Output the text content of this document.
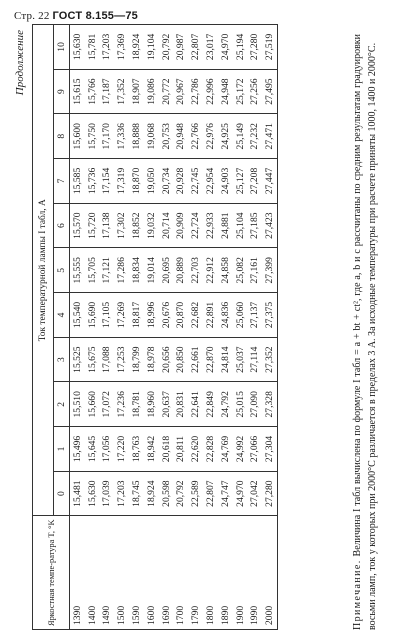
Стр. 22 ГОСТ 8.155—75
Продолжение
Яркостная темпе-ратура T, °K	Ток температурной лампы I табл, А										
	0	1	2	3	4	5	6	7	8	9	10
1390	15,481	15,496	15,510	15,525	15,540	15,555	15,570	15,585	15,600	15,615	15,630
1400	15,630	15,645	15,660	15,675	15,690	15,705	15,720	15,736	15,750	15,766	15,781
1490	17,039	17,056	17,072	17,088	17,105	17,121	17,138	17,154	17,170	17,187	17,203
1500	17,203	17,220	17,236	17,253	17,269	17,286	17,302	17,319	17,336	17,352	17,369
1590	18,745	18,763	18,781	18,799	18,817	18,834	18,852	18,870	18,888	18,907	18,924
1600	18,924	18,942	18,960	18,978	18,996	19,014	19,032	19,050	19,068	19,086	19,104
1690	20,598	20,618	20,637	20,656	20,676	20,695	20,714	20,734	20,753	20,772	20,792
1700	20,792	20,811	20,831	20,850	20,870	20,889	20,909	20,928	20,948	20,967	20,987
1790	22,589	22,620	22,641	22,661	22,682	22,703	22,724	22,745	22,766	22,786	22,807
1800	22,807	22,828	22,849	22,870	22,891	22,912	22,933	22,954	22,976	22,996	23,017
1890	24,747	24,769	24,792	24,814	24,836	24,858	24,881	24,903	24,925	24,948	24,970
1900	24,970	24,992	25,015	25,037	25,060	25,082	25,104	25,127	25,149	25,172	25,194
1990	27,042	27,066	27,090	27,114	27,137	27,161	27,185	27,208	27,232	27,256	27,280
2000	27,280	27,304	27,328	27,352	27,375	27,399	27,423	27,447	27,471	27,495	27,519
Примечание. Величина I табл вычислена по формуле I табл = a + bt + ct², где a, b и c рассчитаны по средним результатам градуировки восьми ламп, ток у которых при 2000°C различается в пределах 3 A. За исходные температуры при расчете приняты 1000, 1400 и 2000°C.
